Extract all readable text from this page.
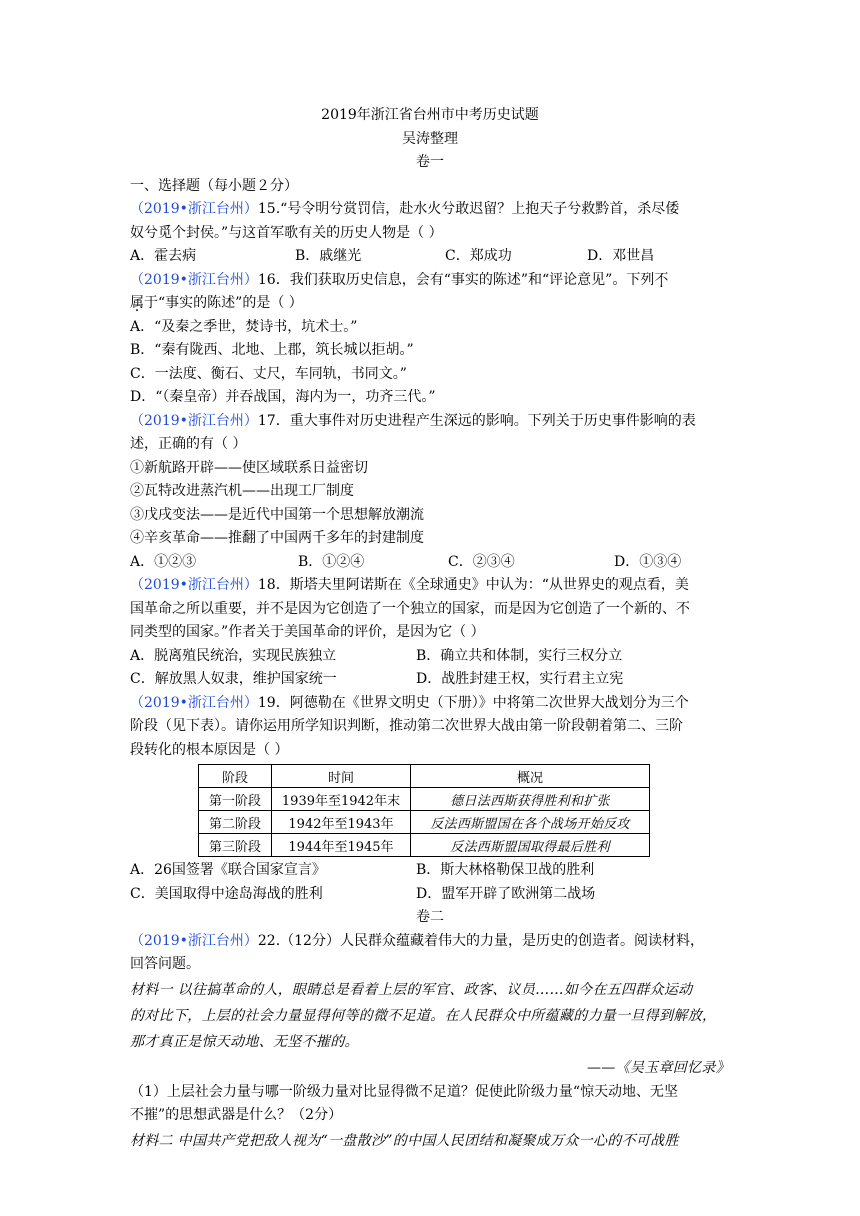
2019年浙江省台州市中考历史试题

吴涛整理

卷一

一、选择题（每小题２分）

（2019•浙江台州）15.“号令明兮赏罚信，赴水火兮敢迟留？上抱天子兮救黔首，杀尽倭

奴兮觅个封侯。”与这首军歌有关的历史人物是（ ）

A．霍去病	B．戚继光	C．郑成功	D．邓世昌

（2019•浙江台州）16．我们获取历史信息，会有“事实的陈述”和“评论意见”。下列不

属于“事实的陈述”的是（ ）

A．“及秦之季世，焚诗书，坑术士。”

B．“秦有陇西、北地、上郡，筑长城以拒胡。”

C．一法度、衡石、丈尺，车同轨，书同文。”

D．“（秦皇帝）并吞战国，海内为一，功齐三代。”

（2019•浙江台州）17．重大事件对历史进程产生深远的影响。下列关于历史事件影响的表

述，正确的有（ ）

①新航路开辟——使区域联系日益密切

②瓦特改进蒸汽机——出现工厂制度

③戊戌变法——是近代中国第一个思想解放潮流

④辛亥革命——推翻了中国两千多年的封建制度

A．①②③	B．①②④	C．②③④	D．①③④

（2019•浙江台州）18．斯塔夫里阿诺斯在《全球通史》中认为：“从世界史的观点看，美

国革命之所以重要，并不是因为它创造了一个独立的国家，而是因为它创造了一个新的、不

同类型的国家。”作者关于美国革命的评价，是因为它（ ）

A．脱离殖民统治，实现民族独立	B．确立共和体制，实行三权分立
C．解放黑人奴隶，维护国家统一	D．战胜封建王权，实行君主立宪

（2019•浙江台州）19．阿德勒在《世界文明史（下册）》中将第二次世界大战划分为三个

阶段（见下表）。请你运用所学知识判断，推动第二次世界大战由第一阶段朝着第二、三阶

段转化的根本原因是（ ）

阶段	时间	概况
第一阶段	1939年至1942年末	德日法西斯获得胜利和扩张
第二阶段	1942年至1943年	反法西斯盟国在各个战场开始反攻
第三阶段	1944年至1945年	反法西斯盟国取得最后胜利
A．26国签署《联合国家宣言》	B．斯大林格勒保卫战的胜利
C．美国取得中途岛海战的胜利	D．盟军开辟了欧洲第二战场

卷二

（2019•浙江台州）22.（12分）人民群众蕴藏着伟大的力量，是历史的创造者。阅读材料，

回答问题。

材料一 以往搞革命的人，眼睛总是看着上层的军官、政客、议员……如今在五四群众运动

的对比下，上层的社会力量显得何等的微不足道。在人民群众中所蕴藏的力量一旦得到解放，

那才真正是惊天动地、无坚不摧的。

——《吴玉章回忆录》

（1）上层社会力量与哪一阶级力量对比显得微不足道？促使此阶级力量“惊天动地、无坚

不摧”的思想武器是什么？（2分）

材料二 中国共产党把敌人视为“一盘散沙”的中国人民团结和凝聚成万众一心的不可战胜
